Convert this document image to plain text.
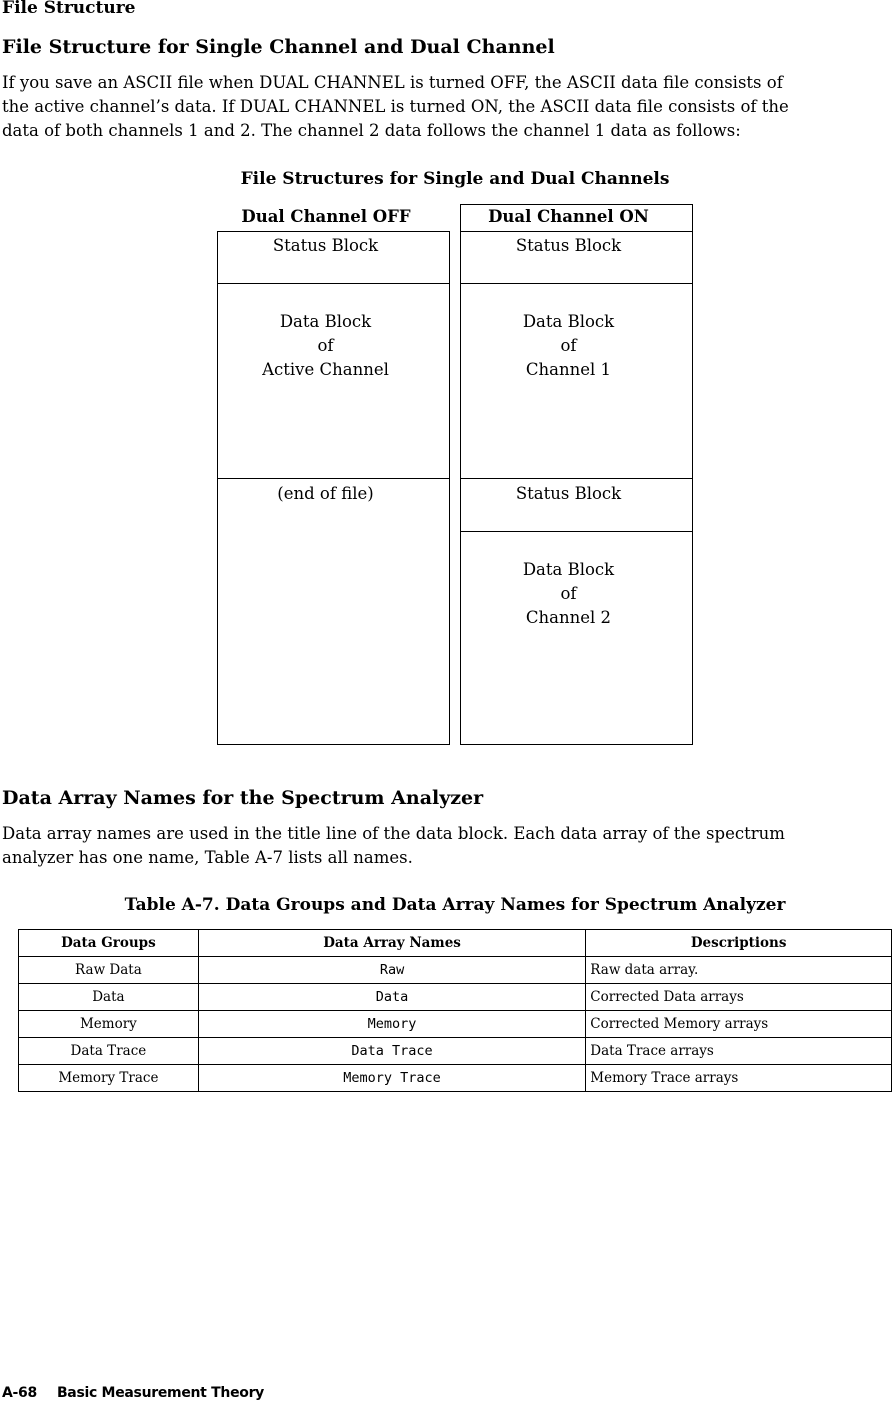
File Structure
File Structure for Single Channel and Dual Channel
If you save an ASCII file when DUAL CHANNEL is turned OFF, the ASCII data file consists of
the active channel’s data. If DUAL CHANNEL is turned ON, the ASCII data file consists of the
data of both channels 1 and 2. The channel 2 data follows the channel 1 data as follows:
File Structures for Single and Dual Channels
Dual Channel OFF
Status Block
Data Block
of
Active Channel
(end of file)
Dual Channel ON
Status Block
Data Block
of
Channel 1
Status Block
Data Block
of
Channel 2
Data Array Names for the Spectrum Analyzer
Data array names are used in the title line of the data block. Each data array of the spectrum
analyzer has one name, Table A-7 lists all names.
Table A-7. Data Groups and Data Array Names for Spectrum Analyzer
Data Groups	Data Array Names	Descriptions
Raw Data	Raw	Raw data array.
Data	Data	Corrected Data arrays
Memory	Memory	Corrected Memory arrays
Data Trace	Data Trace	Data Trace arrays
Memory Trace	Memory Trace	Memory Trace arrays
A-68 Basic Measurement Theory
